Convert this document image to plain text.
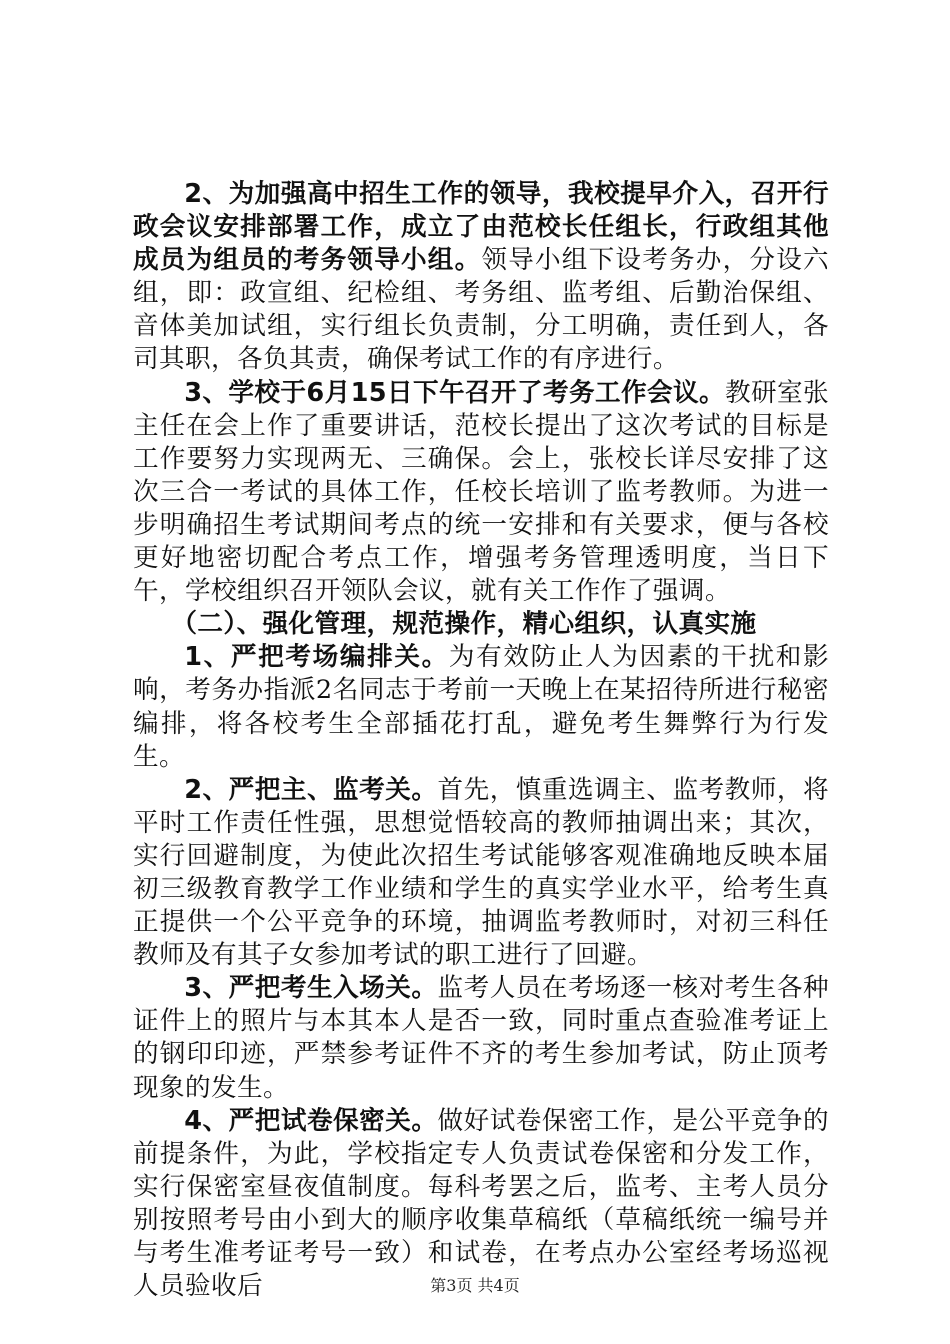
2、为加强高中招生工作的领导，我校提早介入，召开行政会议安排部署工作，成立了由范校长任组长，行政组其他成员为组员的考务领导小组。领导小组下设考务办，分设六组，即：政宣组、纪检组、考务组、监考组、后勤治保组、音体美加试组，实行组长负责制，分工明确，责任到人，各司其职，各负其责，确保考试工作的有序进行。

3、学校于6月15日下午召开了考务工作会议。教研室张主任在会上作了重要讲话，范校长提出了这次考试的目标是工作要努力实现两无、三确保。会上，张校长详尽安排了这次三合一考试的具体工作，任校长培训了监考教师。为进一步明确招生考试期间考点的统一安排和有关要求，便与各校更好地密切配合考点工作，增强考务管理透明度，当日下午，学校组织召开领队会议，就有关工作作了强调。

（二）、强化管理，规范操作，精心组织，认真实施

1、严把考场编排关。为有效防止人为因素的干扰和影响，考务办指派2名同志于考前一天晚上在某招待所进行秘密编排，将各校考生全部插花打乱，避免考生舞弊行为行发生。

2、严把主、监考关。首先，慎重选调主、监考教师，将平时工作责任性强，思想觉悟较高的教师抽调出来；其次，实行回避制度，为使此次招生考试能够客观准确地反映本届初三级教育教学工作业绩和学生的真实学业水平，给考生真正提供一个公平竞争的环境，抽调监考教师时，对初三科任教师及有其子女参加考试的职工进行了回避。

3、严把考生入场关。监考人员在考场逐一核对考生各种证件上的照片与本其本人是否一致，同时重点查验准考证上的钢印印迹，严禁参考证件不齐的考生参加考试，防止顶考现象的发生。

4、严把试卷保密关。做好试卷保密工作，是公平竞争的前提条件，为此，学校指定专人负责试卷保密和分发工作，实行保密室昼夜值制度。每科考罢之后，监考、主考人员分别按照考号由小到大的顺序收集草稿纸（草稿纸统一编号并与考生准考证考号一致）和试卷，在考点办公室经考场巡视人员验收后	第3页 共4页
